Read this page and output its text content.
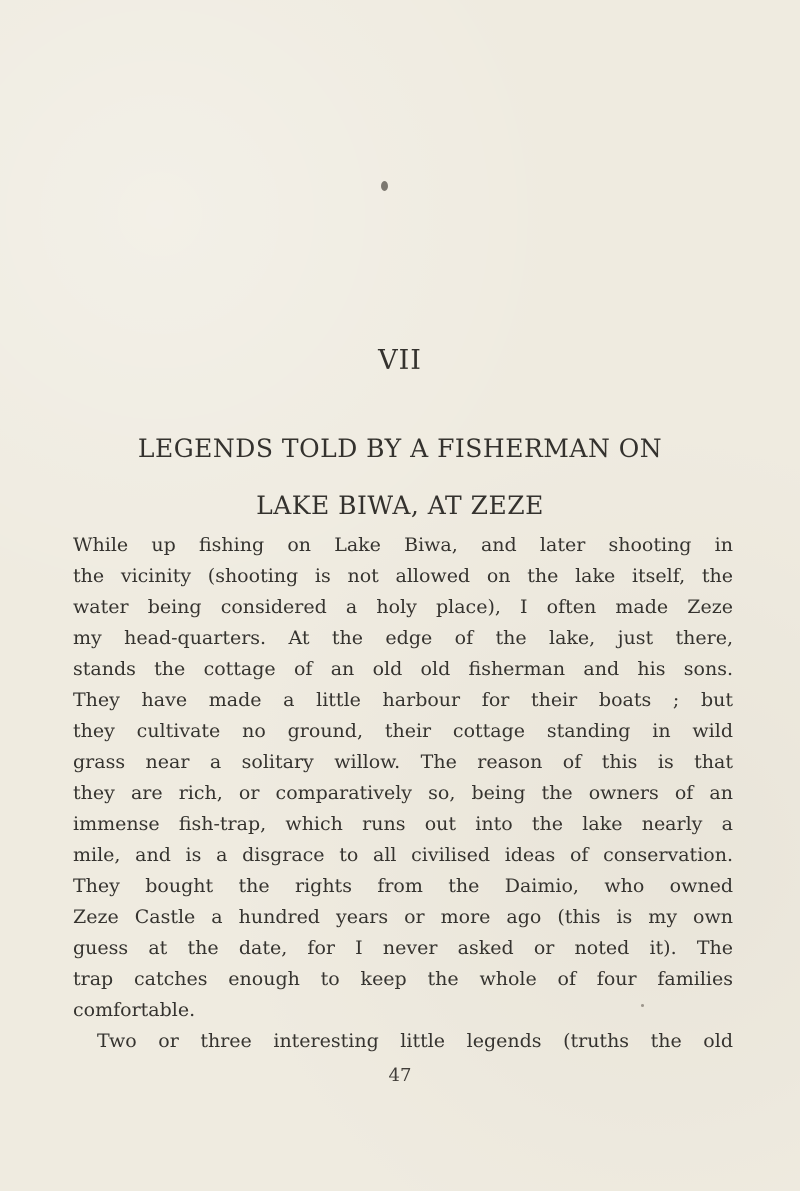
VII
LEGENDS TOLD BY A FISHERMAN ON
LAKE BIWA, AT ZEZE
While up fishing on Lake Biwa, and later shooting in
the vicinity (shooting is not allowed on the lake itself, the
water being considered a holy place), I often made Zeze
my head-quarters. At the edge of the lake, just there,
stands the cottage of an old old fisherman and his sons.
They have made a little harbour for their boats ; but
they cultivate no ground, their cottage standing in wild
grass near a solitary willow. The reason of this is that
they are rich, or comparatively so, being the owners of an
immense fish-trap, which runs out into the lake nearly a
mile, and is a disgrace to all civilised ideas of conservation.
They bought the rights from the Daimio, who owned
Zeze Castle a hundred years or more ago (this is my own
guess at the date, for I never asked or noted it). The
trap catches enough to keep the whole of four families
comfortable.
Two or three interesting little legends (truths the old
47
